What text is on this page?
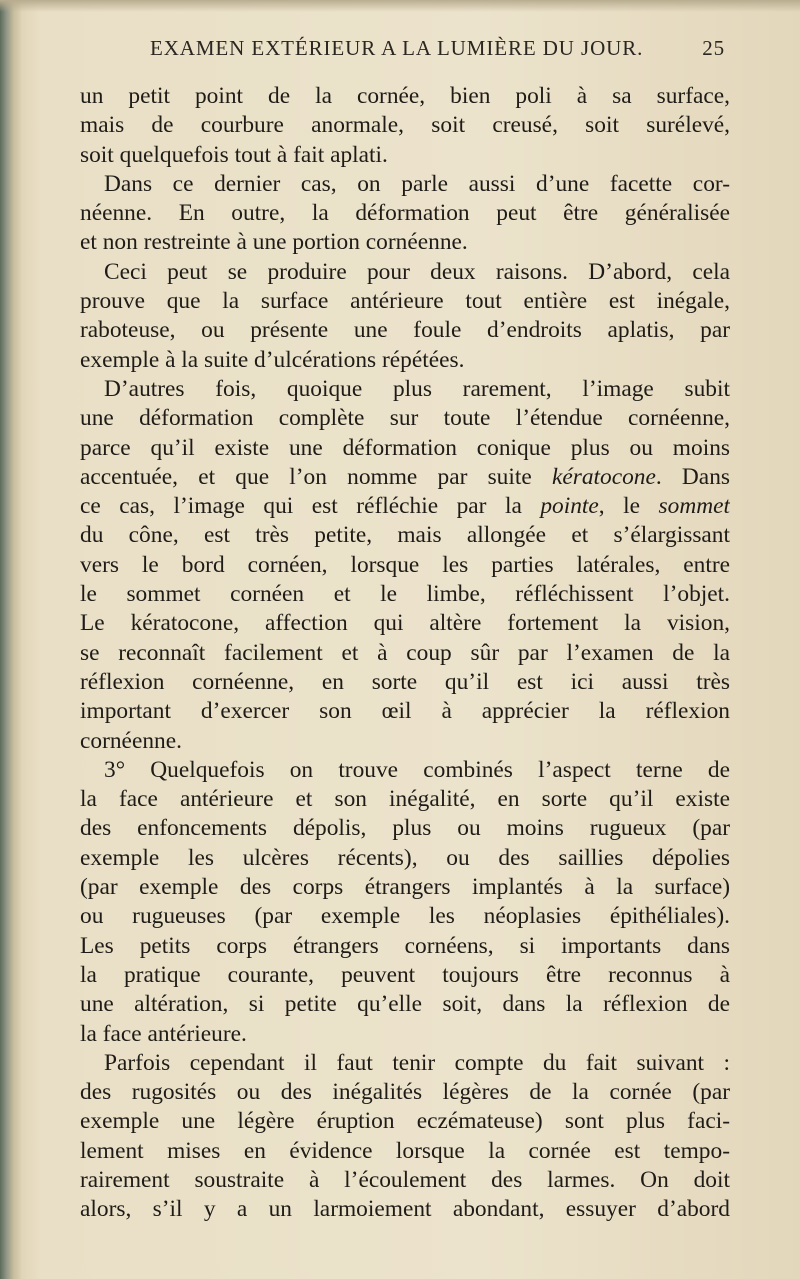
EXAMEN EXTÉRIEUR A LA LUMIÈRE DU JOUR.	25
un petit point de la cornée, bien poli à sa surface,
mais de courbure anormale, soit creusé, soit surélevé,
soit quelquefois tout à fait aplati.
Dans ce dernier cas, on parle aussi d’une facette cor-
néenne. En outre, la déformation peut être généralisée
et non restreinte à une portion cornéenne.
Ceci peut se produire pour deux raisons. D’abord, cela
prouve que la surface antérieure tout entière est inégale,
raboteuse, ou présente une foule d’endroits aplatis, par
exemple à la suite d’ulcérations répétées.
D’autres fois, quoique plus rarement, l’image subit
une déformation complète sur toute l’étendue cornéenne,
parce qu’il existe une déformation conique plus ou moins
accentuée, et que l’on nomme par suite kératocone. Dans
ce cas, l’image qui est réfléchie par la pointe, le sommet
du cône, est très petite, mais allongée et s’élargissant
vers le bord cornéen, lorsque les parties latérales, entre
le sommet cornéen et le limbe, réfléchissent l’objet.
Le kératocone, affection qui altère fortement la vision,
se reconnaît facilement et à coup sûr par l’examen de la
réflexion cornéenne, en sorte qu’il est ici aussi très
important d’exercer son œil à apprécier la réflexion
cornéenne.
3° Quelquefois on trouve combinés l’aspect terne de
la face antérieure et son inégalité, en sorte qu’il existe
des enfoncements dépolis, plus ou moins rugueux (par
exemple les ulcères récents), ou des saillies dépolies
(par exemple des corps étrangers implantés à la surface)
ou rugueuses (par exemple les néoplasies épithéliales).
Les petits corps étrangers cornéens, si importants dans
la pratique courante, peuvent toujours être reconnus à
une altération, si petite qu’elle soit, dans la réflexion de
la face antérieure.
Parfois cependant il faut tenir compte du fait suivant :
des rugosités ou des inégalités légères de la cornée (par
exemple une légère éruption eczémateuse) sont plus faci-
lement mises en évidence lorsque la cornée est tempo-
rairement soustraite à l’écoulement des larmes. On doit
alors, s’il y a un larmoiement abondant, essuyer d’abord
